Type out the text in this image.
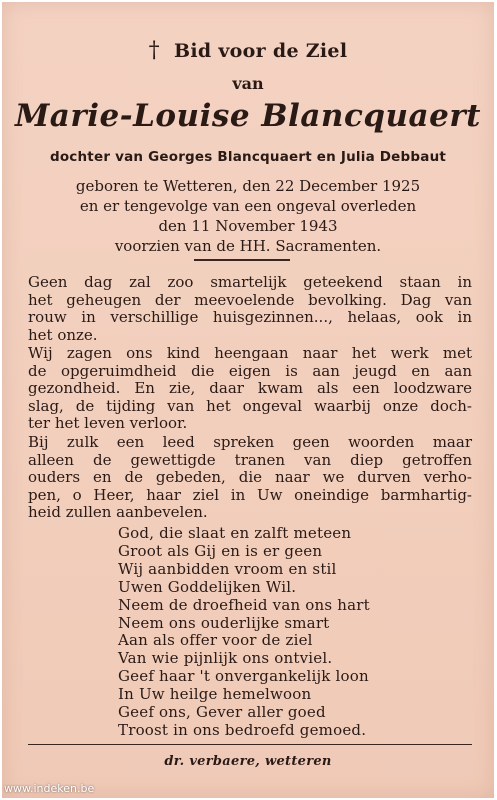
† Bid voor de Ziel
van
Marie-Louise Blancquaert
dochter van Georges Blancquaert en Julia Debbaut
geboren te Wetteren, den 22 December 1925
en er tengevolge van een ongeval overleden
den 11 November 1943
voorzien van de HH. Sacramenten.
Geen dag zal zoo smartelijk geteekend staan in
het geheugen der meevoelende bevolking. Dag van
rouw in verschillige huisgezinnen..., helaas, ook in
het onze.
Wij zagen ons kind heengaan naar het werk met
de opgeruimdheid die eigen is aan jeugd en aan
gezondheid. En zie, daar kwam als een loodzware
slag, de tijding van het ongeval waarbij onze doch-
ter het leven verloor.
Bij zulk een leed spreken geen woorden maar
alleen de gewettigde tranen van diep getroffen
ouders en de gebeden, die naar we durven verho-
pen, o Heer, haar ziel in Uw oneindige barmhartig-
heid zullen aanbevelen.
God, die slaat en zalft meteen
Groot als Gij en is er geen
Wij aanbidden vroom en stil
Uwen Goddelijken Wil.
Neem de droefheid van ons hart
Neem ons ouderlijke smart
Aan als offer voor de ziel
Van wie pijnlijk ons ontviel.
Geef haar 't onvergankelijk loon
In Uw heilge hemelwoon
Geef ons, Gever aller goed
Troost in ons bedroefd gemoed.
dr. verbaere, wetteren
www.indeken.be
